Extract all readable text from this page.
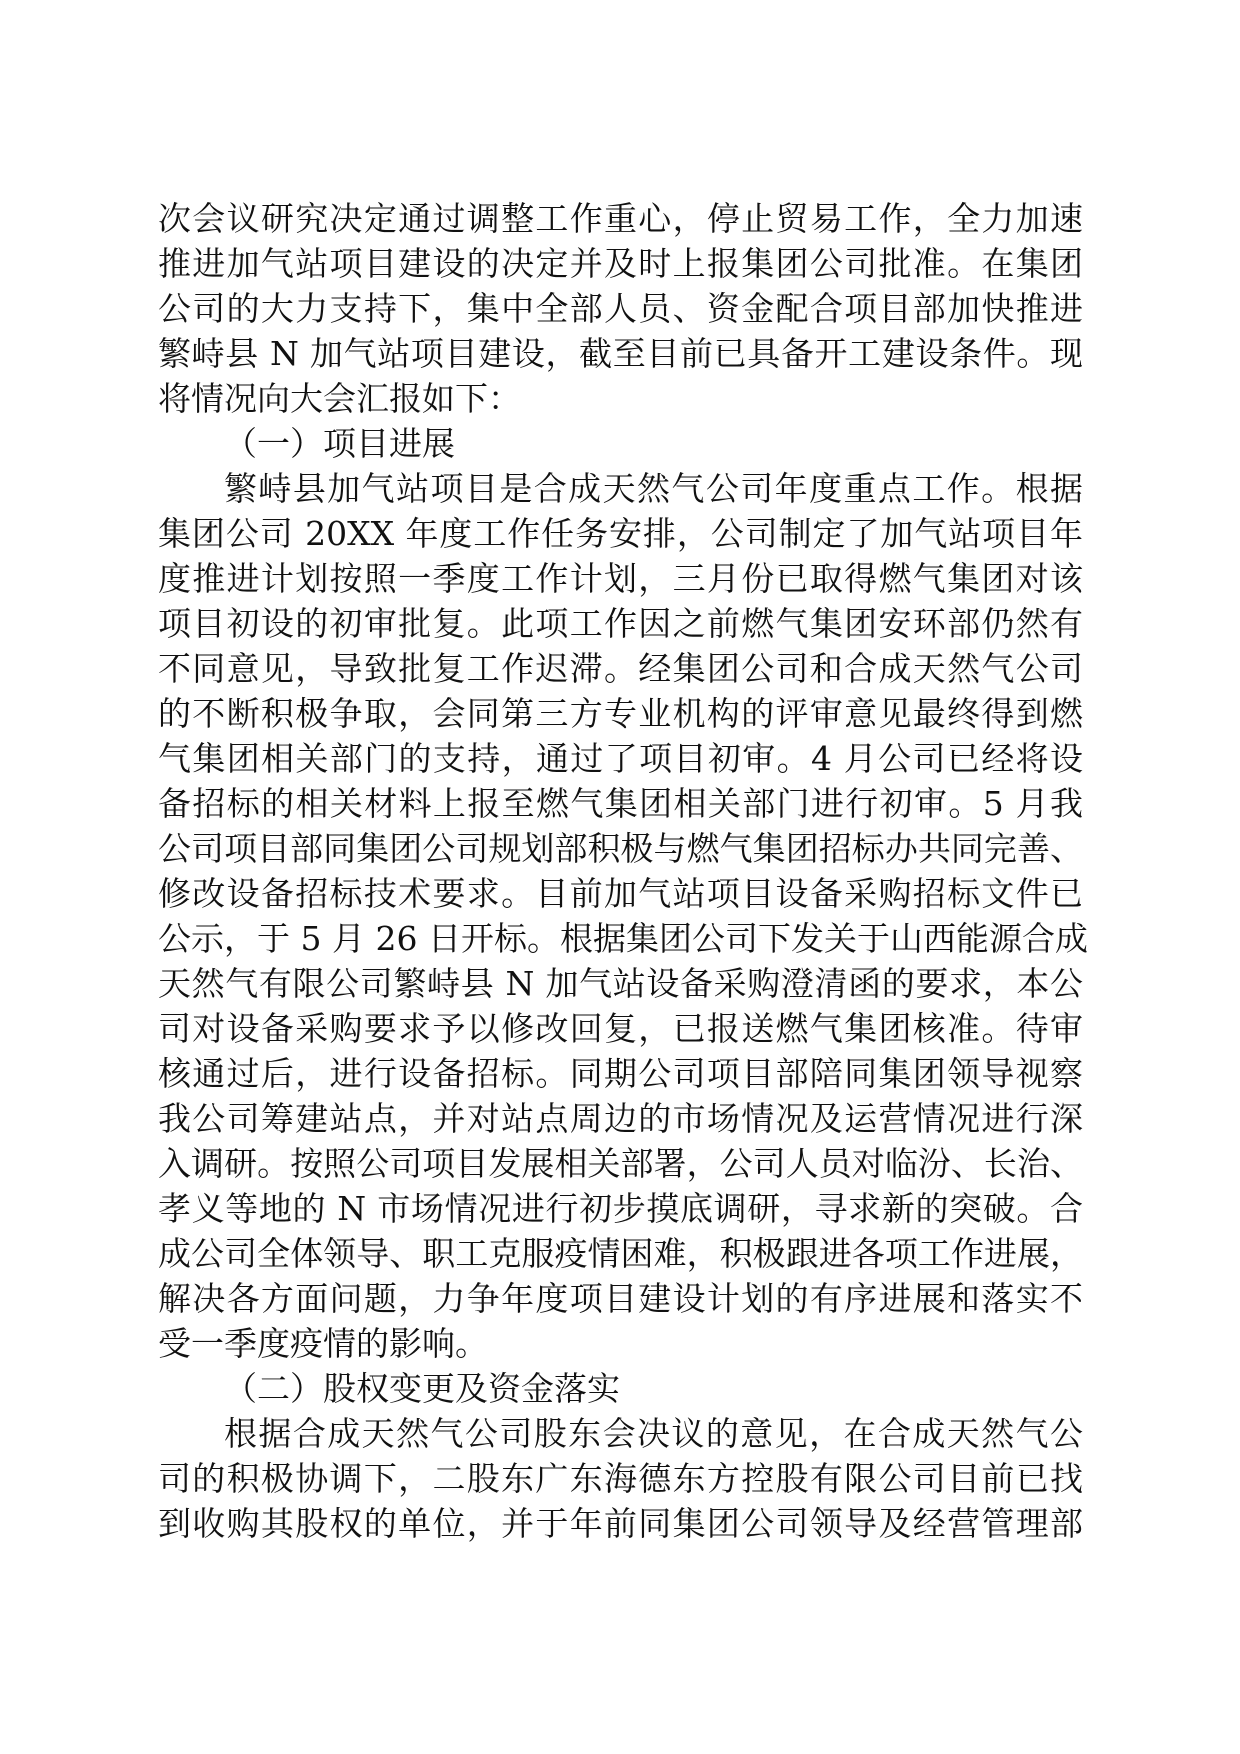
次会议研究决定通过调整工作重心，停止贸易工作，全力加速
推进加气站项目建设的决定并及时上报集团公司批准。在集团
公司的大力支持下，集中全部人员、资金配合项目部加快推进
繁峙县 N 加气站项目建设，截至目前已具备开工建设条件。现
将情况向大会汇报如下：
（一）项目进展
繁峙县加气站项目是合成天然气公司年度重点工作。根据
集团公司 20XX 年度工作任务安排，公司制定了加气站项目年
度推进计划按照一季度工作计划，三月份已取得燃气集团对该
项目初设的初审批复。此项工作因之前燃气集团安环部仍然有
不同意见，导致批复工作迟滞。经集团公司和合成天然气公司
的不断积极争取，会同第三方专业机构的评审意见最终得到燃
气集团相关部门的支持，通过了项目初审。4 月公司已经将设
备招标的相关材料上报至燃气集团相关部门进行初审。5 月我
公司项目部同集团公司规划部积极与燃气集团招标办共同完善、
修改设备招标技术要求。目前加气站项目设备采购招标文件已
公示，于 5 月 26 日开标。根据集团公司下发关于山西能源合成
天然气有限公司繁峙县 N 加气站设备采购澄清函的要求，本公
司对设备采购要求予以修改回复，已报送燃气集团核准。待审
核通过后，进行设备招标。同期公司项目部陪同集团领导视察
我公司筹建站点，并对站点周边的市场情况及运营情况进行深
入调研。按照公司项目发展相关部署，公司人员对临汾、长治、
孝义等地的 N 市场情况进行初步摸底调研，寻求新的突破。合
成公司全体领导、职工克服疫情困难，积极跟进各项工作进展，
解决各方面问题，力争年度项目建设计划的有序进展和落实不
受一季度疫情的影响。
（二）股权变更及资金落实
根据合成天然气公司股东会决议的意见，在合成天然气公
司的积极协调下，二股东广东海德东方控股有限公司目前已找
到收购其股权的单位，并于年前同集团公司领导及经营管理部
